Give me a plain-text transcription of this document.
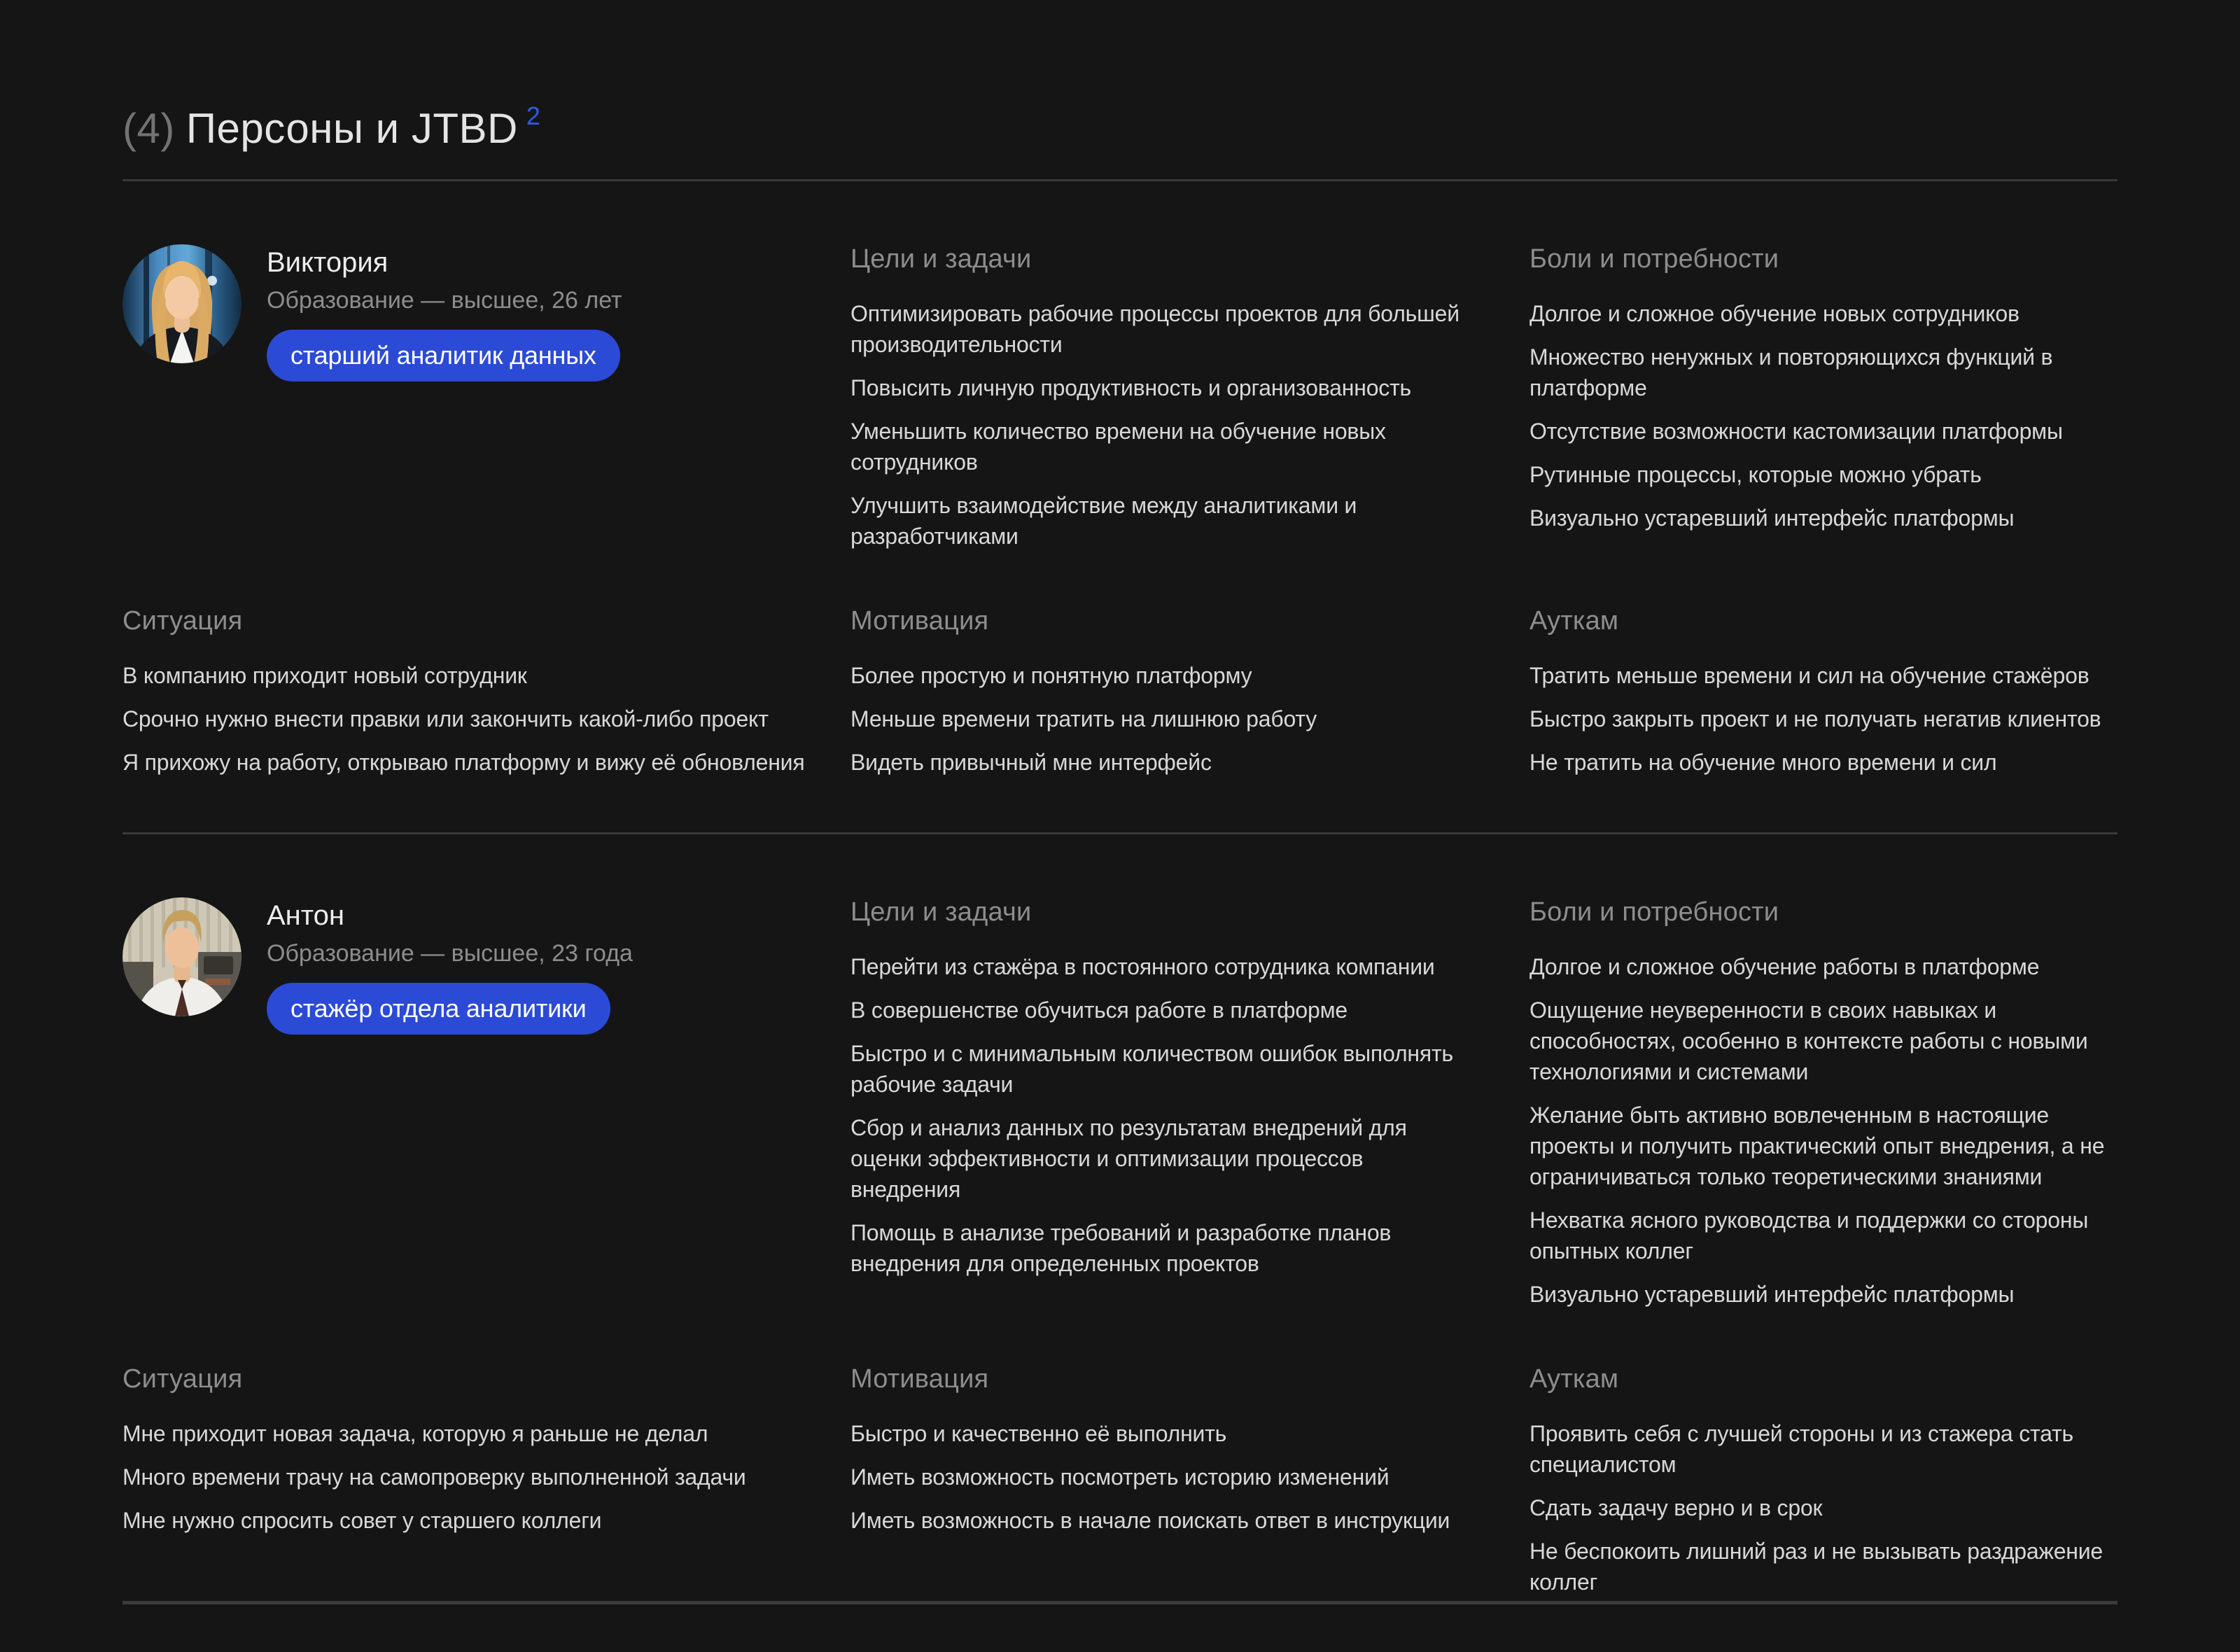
(4) Персоны и JTBD $^2$
Виктория
Образование — высшее, 26 лет
старший аналитик данных
Цели и задачи

Оптимизировать рабочие процессы проектов для большей производительности

Повысить личную продуктивность и организованность

Уменьшить количество времени на обучение новых сотрудников

Улучшить взаимодействие между аналитиками и разработчиками

Боли и потребности

Долгое и сложное обучение новых сотрудников

Множество ненужных и повторяющихся функций в платформе

Отсутствие возможности кастомизации платформы

Рутинные процессы, которые можно убрать

Визуально устаревший интерфейс платформы

Ситуация

В компанию приходит новый сотрудник

Срочно нужно внести правки или закончить какой-либо проект

Я прихожу на работу, открываю платформу и вижу её обновления

Мотивация

Более простую и понятную платформу

Меньше времени тратить на лишнюю работу

Видеть привычный мне интерфейс

Ауткам

Тратить меньше времени и сил на обучение стажёров

Быстро закрыть проект и не получать негатив клиентов

Не тратить на обучение много времени и сил

Антон
Образование — высшее, 23 года
стажёр отдела аналитики
Цели и задачи

Перейти из стажёра в постоянного сотрудника компании

В совершенстве обучиться работе в платформе

Быстро и с минимальным количеством ошибок выполнять рабочие задачи

Сбор и анализ данных по результатам внедрений для оценки эффективности и оптимизации процессов внедрения

Помощь в анализе требований и разработке планов внедрения для определенных проектов

Боли и потребности

Долгое и сложное обучение работы в платформе

Ощущение неуверенности в своих навыках и способностях, особенно в контексте работы с новыми технологиями и системами

Желание быть активно вовлеченным в настоящие проекты и получить практический опыт внедрения, а не ограничиваться только теоретическими знаниями

Нехватка ясного руководства и поддержки со стороны опытных коллег

Визуально устаревший интерфейс платформы

Ситуация

Мне приходит новая задача, которую я раньше не делал

Много времени трачу на самопроверку выполненной задачи

Мне нужно спросить совет у старшего коллеги

Мотивация

Быстро и качественно её выполнить

Иметь возможность посмотреть историю изменений

Иметь возможность в начале поискать ответ в инструкции

Ауткам

Проявить себя с лучшей стороны и из стажера стать специалистом

Сдать задачу верно и в срок

Не беспокоить лишний раз и не вызывать раздражение коллег
